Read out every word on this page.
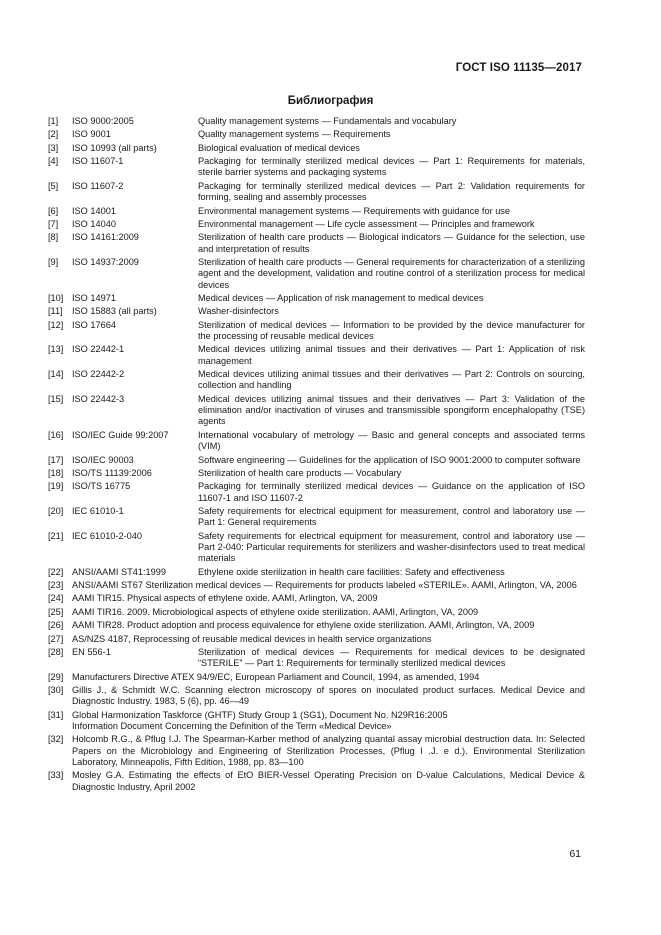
ГОСТ ISO 11135—2017
Библиография
[1]	ISO 9000:2005	Quality management systems — Fundamentals and vocabulary
[2]	ISO 9001	Quality management systems — Requirements
[3]	ISO 10993 (all parts)	Biological evaluation of medical devices
[4]	ISO 11607-1	Packaging for terminally sterilized medical devices — Part 1: Requirements for materials, sterile barrier systems and packaging systems
[5]	ISO 11607-2	Packaging for terminally sterilized medical devices — Part 2: Validation requirements for forming, sealing and assembly processes
[6]	ISO 14001	Environmental management systems — Requirements with guidance for use
[7]	ISO 14040	Environmental management — Life cycle assessment — Principles and framework
[8]	ISO 14161:2009	Sterilization of health care products — Biological indicators — Guidance for the selection, use and interpretation of results
[9]	ISO 14937:2009	Sterilization of health care products — General requirements for characterization of a sterilizing agent and the development, validation and routine control of a sterilization process for medical devices
[10] ISO 14971	Medical devices — Application of risk management to medical devices
[11]	ISO 15883 (all parts)	Washer-disinfectors
[12] ISO 17664	Sterilization of medical devices — Information to be provided by the device manufacturer for the processing of reusable medical devices
[13] ISO 22442-1	Medical devices utilizing animal tissues and their derivatives — Part 1: Application of risk management
[14] ISO 22442-2	Medical devices utilizing animal tissues and their derivatives — Part 2: Controls on sourcing, collection and handling
[15] ISO 22442-3	Medical devices utilizing animal tissues and their derivatives — Part 3: Validation of the elimination and/or inactivation of viruses and transmissible spongiform encephalopathy (TSE) agents
[16] ISO/IEC Guide 99:2007	International vocabulary of metrology — Basic and general concepts and associated terms (VIM)
[17] ISO/IEC 90003	Software engineering — Guidelines for the application of ISO 9001:2000 to computer software
[18] ISO/TS 11139:2006	Sterilization of health care products — Vocabulary
[19] ISO/TS 16775	Packaging for terminally sterilized medical devices — Guidance on the application of ISO 11607-1 and ISO 11607-2
[20] IEC 61010-1	Safety requirements for electrical equipment for measurement, control and laboratory use — Part 1: General requirements
[21] IEC 61010-2-040	Safety requirements for electrical equipment for measurement, control and laboratory use — Part 2-040: Particular requirements for sterilizers and washer-disinfectors used to treat medical materials
[22] ANSI/AAMI ST41:1999	Ethylene oxide sterilization in health care facilities: Safety and effectiveness
[23] ANSI/AAMI ST67 Sterilization medical devices — Requirements for products labeled «STERILE». AAMI, Arlington, VA, 2006
[24] AAMI TIR15. Physical aspects of ethylene oxide. AAMI, Arlington, VA, 2009
[25] AAMI TIR16. 2009. Microbiological aspects of ethylene oxide sterilization. AAMI, Arlington, VA, 2009
[26] AAMI TIR28. Product adoption and process equivalence for ethylene oxide sterilization. AAMI, Arlington, VA, 2009
[27] AS/NZS 4187, Reprocessing of reusable medical devices in health service organizations
[28] EN 556-1	Sterilization of medical devices — Requirements for medical devices to be designated “STERILE” — Part 1: Requirements for terminally sterilized medical devices
[29] Manufacturers Directive ATEX 94/9/EC, European Parliament and Council, 1994, as amended, 1994
[30] Gillis J., & Schmidt W.C. Scanning electron microscopy of spores on inoculated product surfaces. Medical Device and Diagnostic Industry. 1983, 5 (6), pp. 46—49
[31] Global Harmonization Taskforce (GHTF) Study Group 1 (SG1), Document No. N29R16:2005
Information Document Concerning the Definition of the Term «Medical Device»
[32] Holcomb R.G., & Pflug I.J. The Spearman-Karber method of analyzing quantal assay microbial destruction data. In: Selected Papers on the Microbiology and Engineering of Sterilization Processes, (Pflug I .J. e d.). Environmental Sterilization Laboratory, Minneapolis, Fifth Edition, 1988, pp. 83—100
[33] Mosley G.A. Estimating the effects of EtO BIER-Vessel Operating Precision on D-value Calculations, Medical Device & Diagnostic Industry, April 2002
61
